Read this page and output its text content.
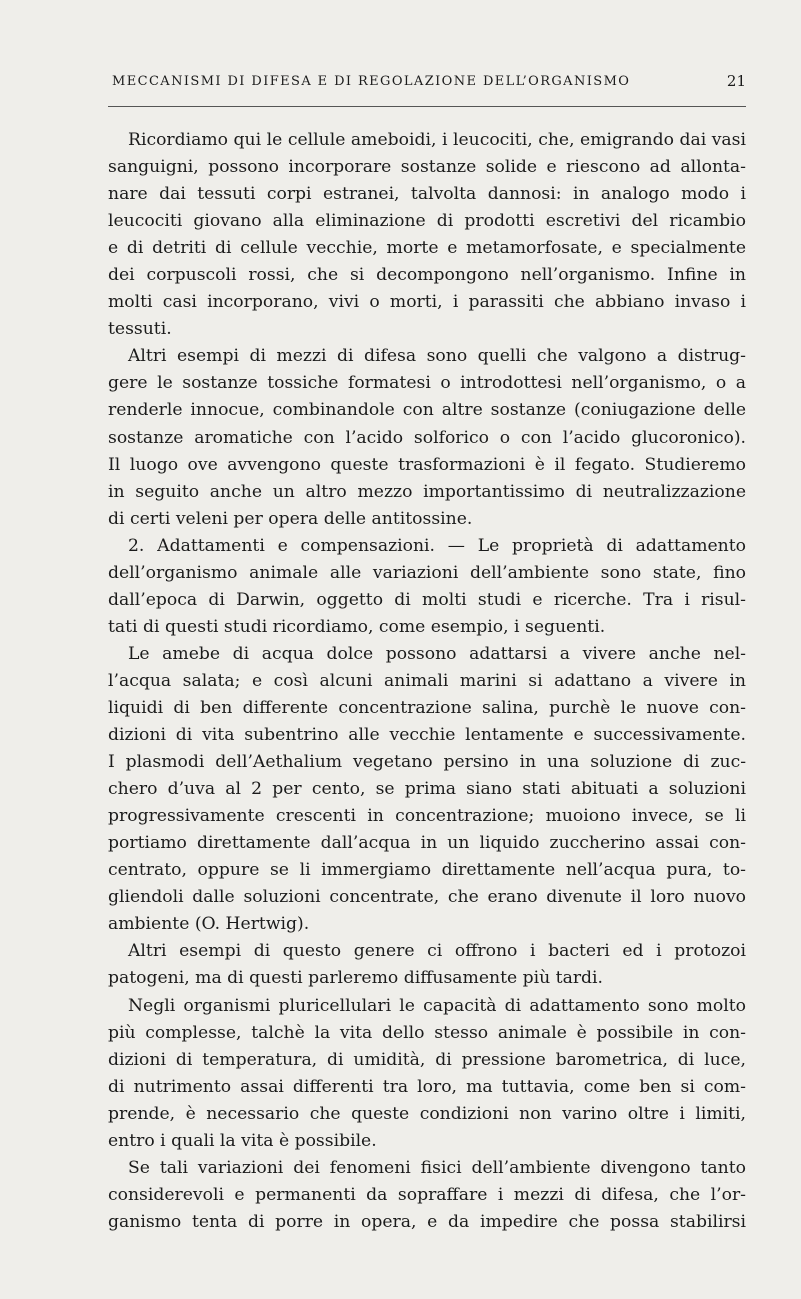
MECCANISMI DI DIFESA E DI REGOLAZIONE DELL’ORGANISMO	21
Ricordiamo qui le cellule ameboidi, i leucociti, che, emigrando dai vasi
sanguigni, possono incorporare sostanze solide e riescono ad allonta-
nare dai tessuti corpi estranei, talvolta dannosi: in analogo modo i
leucociti giovano alla eliminazione di prodotti escretivi del ricambio
e di detriti di cellule vecchie, morte e metamorfosate, e specialmente
dei corpuscoli rossi, che si decompongono nell’organismo. Infine in
molti casi incorporano, vivi o morti, i parassiti che abbiano invaso i
tessuti.
Altri esempi di mezzi di difesa sono quelli che valgono a distrug-
gere le sostanze tossiche formatesi o introdottesi nell’organismo, o a
renderle innocue, combinandole con altre sostanze (coniugazione delle
sostanze aromatiche con l’acido solforico o con l’acido glucoronico).
Il luogo ove avvengono queste trasformazioni è il fegato. Studieremo
in seguito anche un altro mezzo importantissimo di neutralizzazione
di certi veleni per opera delle antitossine.
2. Adattamenti e compensazioni. — Le proprietà di adattamento
dell’organismo animale alle variazioni dell’ambiente sono state, fino
dall’epoca di Darwin, oggetto di molti studi e ricerche. Tra i risul-
tati di questi studi ricordiamo, come esempio, i seguenti.
Le amebe di acqua dolce possono adattarsi a vivere anche nel-
l’acqua salata; e così alcuni animali marini si adattano a vivere in
liquidi di ben differente concentrazione salina, purchè le nuove con-
dizioni di vita subentrino alle vecchie lentamente e successivamente.
I plasmodi dell’Aethalium vegetano persino in una soluzione di zuc-
chero d’uva al 2 per cento, se prima siano stati abituati a soluzioni
progressivamente crescenti in concentrazione; muoiono invece, se li
portiamo direttamente dall’acqua in un liquido zuccherino assai con-
centrato, oppure se li immergiamo direttamente nell’acqua pura, to-
gliendoli dalle soluzioni concentrate, che erano divenute il loro nuovo
ambiente (O. Hertwig).
Altri esempi di questo genere ci offrono i bacteri ed i protozoi
patogeni, ma di questi parleremo diffusamente più tardi.
Negli organismi pluricellulari le capacità di adattamento sono molto
più complesse, talchè la vita dello stesso animale è possibile in con-
dizioni di temperatura, di umidità, di pressione barometrica, di luce,
di nutrimento assai differenti tra loro, ma tuttavia, come ben si com-
prende, è necessario che queste condizioni non varino oltre i limiti,
entro i quali la vita è possibile.
Se tali variazioni dei fenomeni fisici dell’ambiente divengono tanto
considerevoli e permanenti da sopraffare i mezzi di difesa, che l’or-
ganismo tenta di porre in opera, e da impedire che possa stabilirsi
